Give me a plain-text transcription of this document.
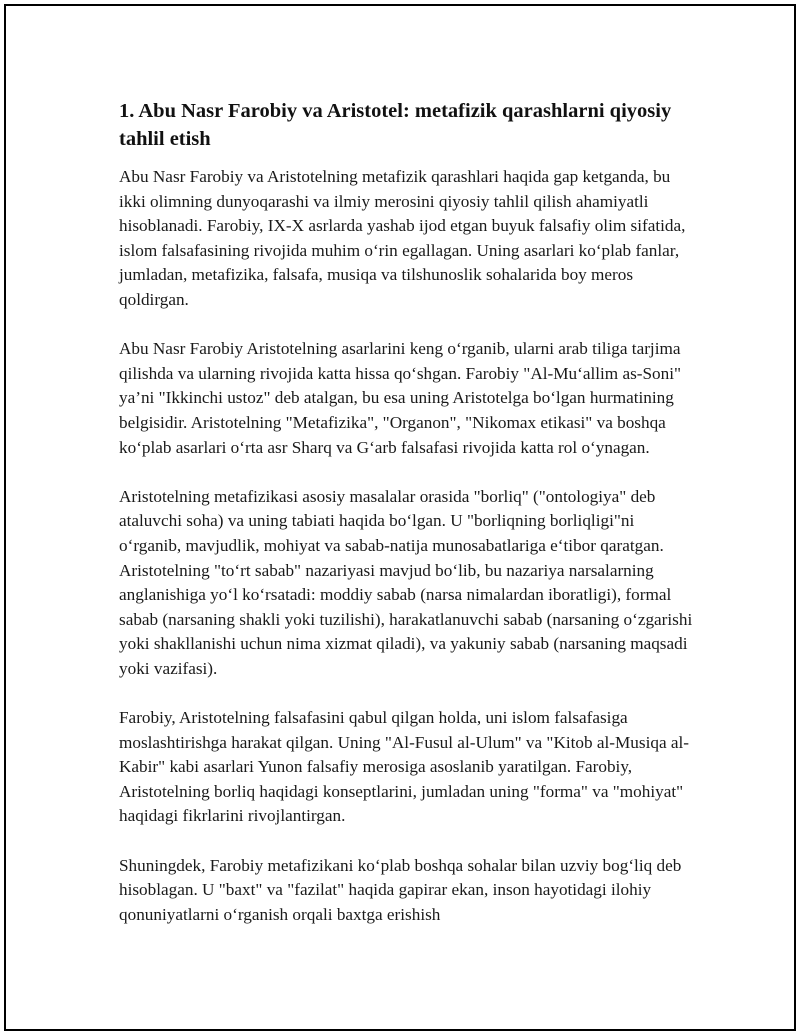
1. Abu Nasr Farobiy va Aristotel: metafizik qarashlarni qiyosiy tahlil etish

Abu Nasr Farobiy va Aristotelning metafizik qarashlari haqida gap ketganda, bu ikki olimning dunyoqarashi va ilmiy merosini qiyosiy tahlil qilish ahamiyatli hisoblanadi. Farobiy, IX-X asrlarda yashab ijod etgan buyuk falsafiy olim sifatida, islom falsafasining rivojida muhim o‘rin egallagan. Uning asarlari ko‘plab fanlar, jumladan, metafizika, falsafa, musiqa va tilshunoslik sohalarida boy meros qoldirgan.

Abu Nasr Farobiy Aristotelning asarlarini keng o‘rganib, ularni arab tiliga tarjima qilishda va ularning rivojida katta hissa qo‘shgan. Farobiy "Al-Mu‘allim as-Soni" ya’ni "Ikkinchi ustoz" deb atalgan, bu esa uning Aristotelga bo‘lgan hurmatining belgisidir. Aristotelning "Metafizika", "Organon", "Nikomax etikasi" va boshqa ko‘plab asarlari o‘rta asr Sharq va G‘arb falsafasi rivojida katta rol o‘ynagan.

Aristotelning metafizikasi asosiy masalalar orasida "borliq" ("ontologiya" deb ataluvchi soha) va uning tabiati haqida bo‘lgan. U "borliqning borliqligi"ni o‘rganib, mavjudlik, mohiyat va sabab-natija munosabatlariga e‘tibor qaratgan. Aristotelning "to‘rt sabab" nazariyasi mavjud bo‘lib, bu nazariya narsalarning anglanishiga yo‘l ko‘rsatadi: moddiy sabab (narsa nimalardan iboratligi), formal sabab (narsaning shakli yoki tuzilishi), harakatlanuvchi sabab (narsaning o‘zgarishi yoki shakllanishi uchun nima xizmat qiladi), va yakuniy sabab (narsaning maqsadi yoki vazifasi).

Farobiy, Aristotelning falsafasini qabul qilgan holda, uni islom falsafasiga moslashtirishga harakat qilgan. Uning "Al-Fusul al-Ulum" va "Kitob al-Musiqa al-Kabir" kabi asarlari Yunon falsafiy merosiga asoslanib yaratilgan. Farobiy, Aristotelning borliq haqidagi konseptlarini, jumladan uning "forma" va "mohiyat" haqidagi fikrlarini rivojlantirgan.

Shuningdek, Farobiy metafizikani ko‘plab boshqa sohalar bilan uzviy bog‘liq deb hisoblagan. U "baxt" va "fazilat" haqida gapirar ekan, inson hayotidagi ilohiy qonuniyatlarni o‘rganish orqali baxtga erishish
